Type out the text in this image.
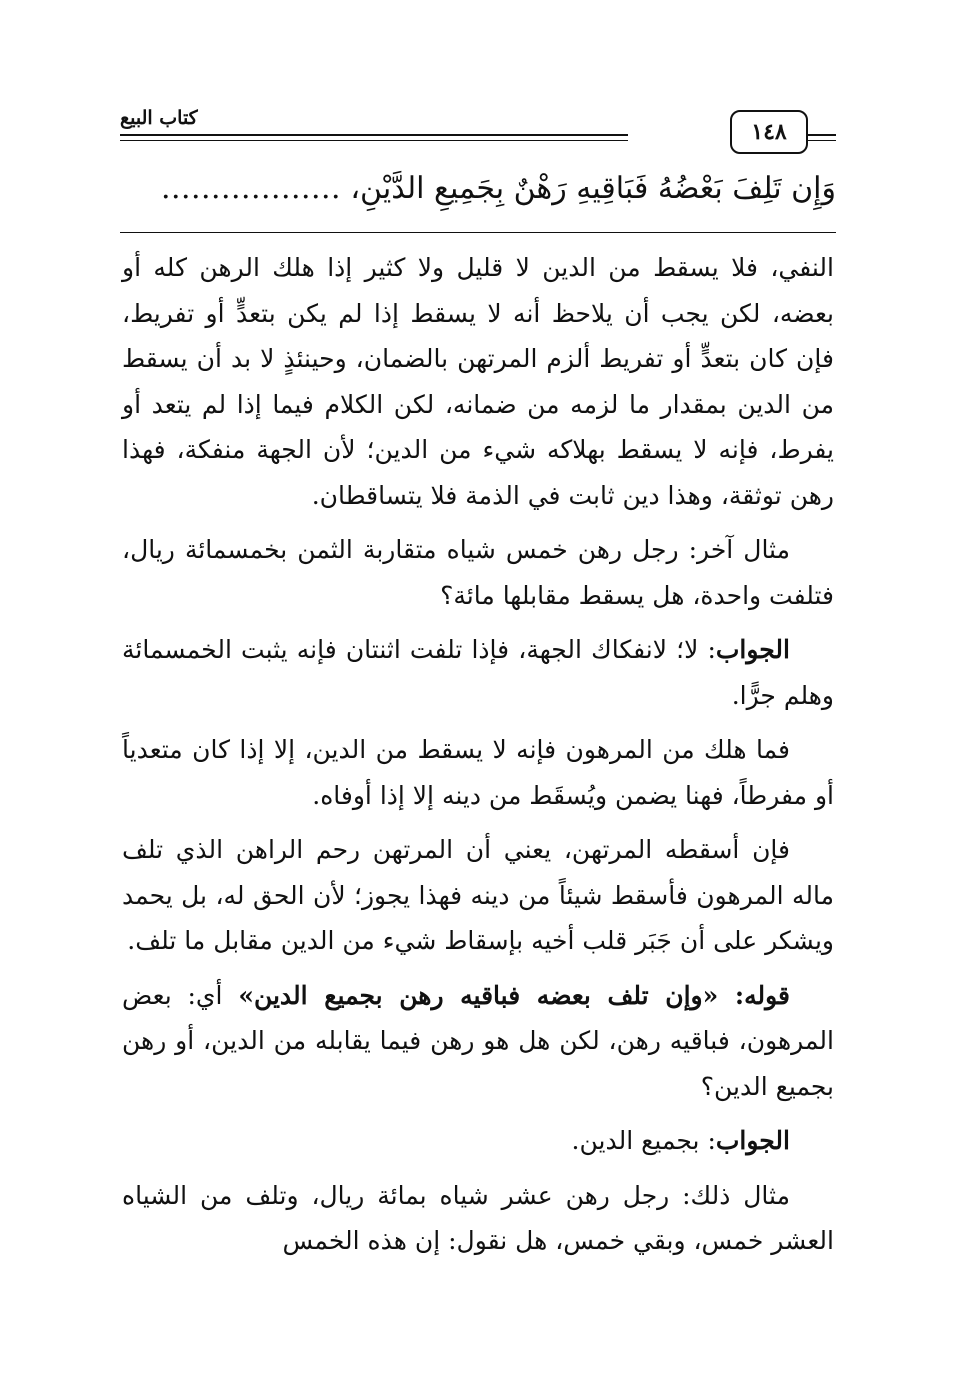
كتاب البيع
١٤٨
وَإِن تَلِفَ بَعْضُهُ فَبَاقِيهِ رَهْنٌ بِجَمِيعِ الدَّيْنِ، ………………

النفي، فلا يسقط من الدين لا قليل ولا كثير إذا هلك الرهن كله أو بعضه، لكن يجب أن يلاحظ أنه لا يسقط إذا لم يكن بتعدٍّ أو تفريط، فإن كان بتعدٍّ أو تفريط ألزم المرتهن بالضمان، وحينئذٍ لا بد أن يسقط من الدين بمقدار ما لزمه من ضمانه، لكن الكلام فيما إذا لم يتعد أو يفرط، فإنه لا يسقط بهلاكه شيء من الدين؛ لأن الجهة منفكة، فهذا رهن توثقة، وهذا دين ثابت في الذمة فلا يتساقطان.

مثال آخر: رجل رهن خمس شياه متقاربة الثمن بخمسمائة ريال، فتلفت واحدة، هل يسقط مقابلها مائة؟

الجواب: لا؛ لانفكاك الجهة، فإذا تلفت اثنتان فإنه يثبت الخمسمائة وهلم جرًّا.

فما هلك من المرهون فإنه لا يسقط من الدين، إلا إذا كان متعدياً أو مفرطاً، فهنا يضمن ويُسقَط من دينه إلا إذا أوفاه.

فإن أسقطه المرتهن، يعني أن المرتهن رحم الراهن الذي تلف ماله المرهون فأسقط شيئاً من دينه فهذا يجوز؛ لأن الحق له، بل يحمد ويشكر على أن جَبَر قلب أخيه بإسقاط شيء من الدين مقابل ما تلف.

قوله: «وإن تلف بعضه فباقيه رهن بجميع الدين» أي: بعض المرهون، فباقيه رهن، لكن هل هو رهن فيما يقابله من الدين، أو رهن بجميع الدين؟

الجواب: بجميع الدين.

مثال ذلك: رجل رهن عشر شياه بمائة ريال، وتلف من الشياه العشر خمس، وبقي خمس، هل نقول: إن هذه الخمس
